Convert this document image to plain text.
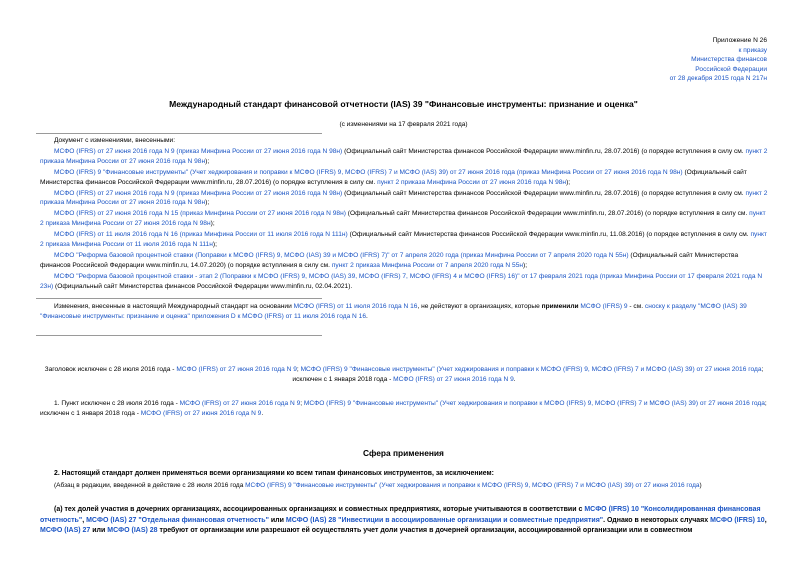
Приложение N 26
к приказу
Министерства финансов
Российской Федерации
от 28 декабря 2015 года N 217н
Международный стандарт финансовой отчетности (IAS) 39 "Финансовые инструменты: признание и оценка"
(с изменениями на 17 февраля 2021 года)

Документ с изменениями, внесенными:

МСФО (IFRS) от 27 июня 2016 года N 9 (приказ Минфина России от 27 июня 2016 года N 98н) (Официальный сайт Министерства финансов Российской Федерации www.minfin.ru, 28.07.2016) (о порядке вступления в силу см. пункт 2 приказа Минфина России от 27 июня 2016 года N 98н);

МСФО (IFRS) 9 "Финансовые инструменты" (Учет хеджирования и поправки к МСФО (IFRS) 9, МСФО (IFRS) 7 и МСФО (IAS) 39) от 27 июня 2016 года (приказ Минфина России от 27 июня 2016 года N 98н) (Официальный сайт Министерства финансов Российской Федерации www.minfin.ru, 28.07.2016) (о порядке вступления в силу см. пункт 2 приказа Минфина России от 27 июня 2016 года N 98н);

МСФО (IFRS) от 27 июня 2016 года N 9 (приказ Минфина России от 27 июня 2016 года N 98н) (Официальный сайт Министерства финансов Российской Федерации www.minfin.ru, 28.07.2016) (о порядке вступления в силу см. пункт 2 приказа Минфина России от 27 июня 2016 года N 98н);

МСФО (IFRS) от 27 июня 2016 года N 15 (приказ Минфина России от 27 июня 2016 года N 98н) (Официальный сайт Министерства финансов Российской Федерации www.minfin.ru, 28.07.2016) (о порядке вступления в силу см. пункт 2 приказа Минфина России от 27 июня 2016 года N 98н);

МСФО (IFRS) от 11 июля 2016 года N 16 (приказ Минфина России от 11 июля 2016 года N 111н) (Официальный сайт Министерства финансов Российской Федерации www.minfin.ru, 11.08.2016) (о порядке вступления в силу см. пункт 2 приказа Минфина России от 11 июля 2016 года N 111н);

МСФО "Реформа базовой процентной ставки (Поправки к МСФО (IFRS) 9, МСФО (IAS) 39 и МСФО (IFRS) 7)" от 7 апреля 2020 года (приказ Минфина России от 7 апреля 2020 года N 55н) (Официальный сайт Министерства финансов Российской Федерации www.minfin.ru, 14.07.2020) (о порядке вступления в силу см. пункт 2 приказа Минфина России от 7 апреля 2020 года N 55н);

МСФО "Реформа базовой процентной ставки - этап 2 (Поправки к МСФО (IFRS) 9, МСФО (IAS) 39, МСФО (IFRS) 7, МСФО (IFRS) 4 и МСФО (IFRS) 16)" от 17 февраля 2021 года (приказ Минфина России от 17 февраля 2021 года N 23н) (Официальный сайт Министерства финансов Российской Федерации www.minfin.ru, 02.04.2021).

Изменения, внесенные в настоящий Международный стандарт на основании МСФО (IFRS) от 11 июля 2016 года N 16, не действуют в организациях, которые применили МСФО (IFRS) 9 - см. сноску к разделу "МСФО (IAS) 39 "Финансовые инструменты: признание и оценка" приложения D к МСФО (IFRS) от 11 июля 2016 года N 16.
Заголовок исключен с 28 июля 2016 года - МСФО (IFRS) от 27 июня 2016 года N 9; МСФО (IFRS) 9 "Финансовые инструменты" (Учет хеджирования и поправки к МСФО (IFRS) 9, МСФО (IFRS) 7 и МСФО (IAS) 39) от 27 июня 2016 года; исключен с 1 января 2018 года - МСФО (IFRS) от 27 июня 2016 года N 9.
1. Пункт исключен с 28 июля 2016 года - МСФО (IFRS) от 27 июня 2016 года N 9; МСФО (IFRS) 9 "Финансовые инструменты" (Учет хеджирования и поправки к МСФО (IFRS) 9, МСФО (IFRS) 7 и МСФО (IAS) 39) от 27 июня 2016 года; исключен с 1 января 2018 года - МСФО (IFRS) от 27 июня 2016 года N 9.
Сфера применения
2. Настоящий стандарт должен применяться всеми организациями ко всем типам финансовых инструментов, за исключением:
(Абзац в редакции, введенной в действие с 28 июля 2016 года МСФО (IFRS) 9 "Финансовые инструменты" (Учет хеджирования и поправки к МСФО (IFRS) 9, МСФО (IFRS) 7 и МСФО (IAS) 39) от 27 июня 2016 года)
(а) тех долей участия в дочерних организациях, ассоциированных организациях и совместных предприятиях, которые учитываются в соответствии с МСФО (IFRS) 10 "Консолидированная финансовая отчетность", МСФО (IAS) 27 "Отдельная финансовая отчетность" или МСФО (IAS) 28 "Инвестиции в ассоциированные организации и совместные предприятия". Однако в некоторых случаях МСФО (IFRS) 10, МСФО (IAS) 27 или МСФО (IAS) 28 требуют от организации или разрешают ей осуществлять учет доли участия в дочерней организации, ассоциированной организации или в совместном
